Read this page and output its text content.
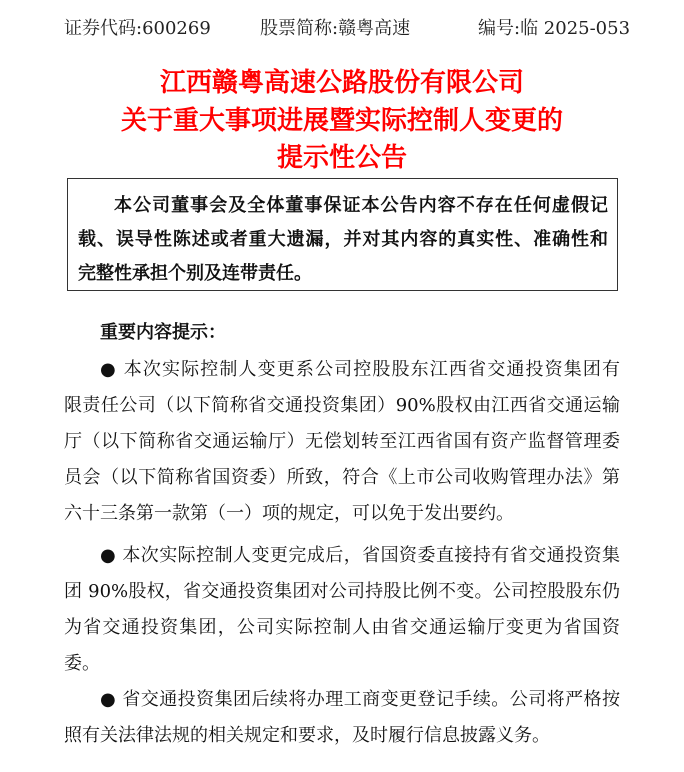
证券代码:600269	股票简称:赣粤高速	编号:临 2025-053
江西赣粤高速公路股份有限公司
关于重大事项进展暨实际控制人变更的
提示性公告
本公司董事会及全体董事保证本公告内容不存在任何虚假记
载、误导性陈述或者重大遗漏，并对其内容的真实性、准确性和
完整性承担个别及连带责任。
重要内容提示：
● 本次实际控制人变更系公司控股股东江西省交通投资集团有
限责任公司（以下简称省交通投资集团）90%股权由江西省交通运输
厅（以下简称省交通运输厅）无偿划转至江西省国有资产监督管理委
员会（以下简称省国资委）所致，符合《上市公司收购管理办法》第
六十三条第一款第（一）项的规定，可以免于发出要约。
● 本次实际控制人变更完成后，省国资委直接持有省交通投资集
团 90%股权，省交通投资集团对公司持股比例不变。公司控股股东仍
为省交通投资集团，公司实际控制人由省交通运输厅变更为省国资
委。
● 省交通投资集团后续将办理工商变更登记手续。公司将严格按
照有关法律法规的相关规定和要求，及时履行信息披露义务。
